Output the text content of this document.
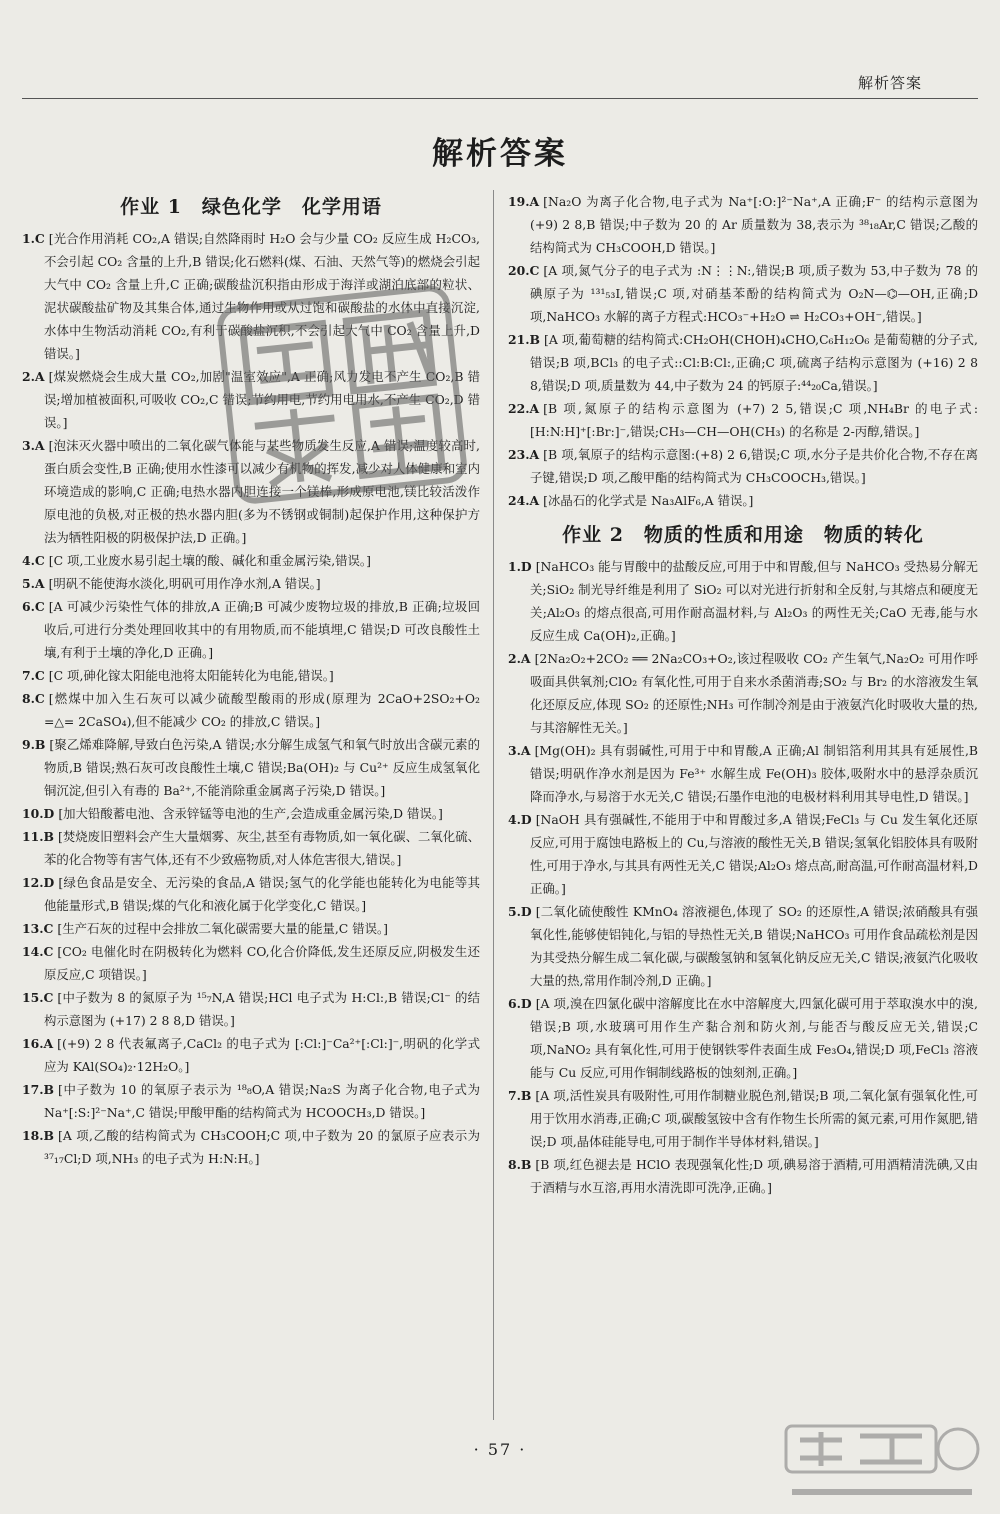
解析答案
解析答案
作业 1　绿色化学　化学用语

1.C [光合作用消耗 CO₂,A 错误;自然降雨时 H₂O 会与少量 CO₂ 反应生成 H₂CO₃,不会引起 CO₂ 含量的上升,B 错误;化石燃料(煤、石油、天然气等)的燃烧会引起大气中 CO₂ 含量上升,C 正确;碳酸盐沉积指由形成于海洋或湖泊底部的粒状、泥状碳酸盐矿物及其集合体,通过生物作用或从过饱和碳酸盐的水体中直接沉淀,水体中生物活动消耗 CO₂,有利于碳酸盐沉积,不会引起大气中 CO₂ 含量上升,D 错误。]

2.A [煤炭燃烧会生成大量 CO₂,加剧"温室效应",A 正确;风力发电不产生 CO₂,B 错误;增加植被面积,可吸收 CO₂,C 错误;节约用电,节约用电用水,不产生 CO₂,D 错误。]

3.A [泡沫灭火器中喷出的二氧化碳气体能与某些物质发生反应,A 错误;温度较高时,蛋白质会变性,B 正确;使用水性漆可以减少有机物的挥发,减少对人体健康和室内环境造成的影响,C 正确;电热水器内胆连接一个镁棒,形成原电池,镁比较活泼作原电池的负极,对正极的热水器内胆(多为不锈钢或铜制)起保护作用,这种保护方法为牺牲阳极的阴极保护法,D 正确。]

4.C [C 项,工业废水易引起土壤的酸、碱化和重金属污染,错误。]

5.A [明矾不能使海水淡化,明矾可用作净水剂,A 错误。]

6.C [A 可减少污染性气体的排放,A 正确;B 可减少废物垃圾的排放,B 正确;垃圾回收后,可进行分类处理回收其中的有用物质,而不能填埋,C 错误;D 可改良酸性土壤,有利于土壤的净化,D 正确。]

7.C [C 项,砷化镓太阳能电池将太阳能转化为电能,错误。]

8.C [燃煤中加入生石灰可以减少硫酸型酸雨的形成(原理为 2CaO+2SO₂+O₂ =△= 2CaSO₄),但不能减少 CO₂ 的排放,C 错误。]

9.B [聚乙烯难降解,导致白色污染,A 错误;水分解生成氢气和氧气时放出含碳元素的物质,B 错误;熟石灰可改良酸性土壤,C 错误;Ba(OH)₂ 与 Cu²⁺ 反应生成氢氧化铜沉淀,但引入有毒的 Ba²⁺,不能消除重金属离子污染,D 错误。]

10.D [加大铅酸蓄电池、含汞锌锰等电池的生产,会造成重金属污染,D 错误。]

11.B [焚烧废旧塑料会产生大量烟雾、灰尘,甚至有毒物质,如一氧化碳、二氧化硫、苯的化合物等有害气体,还有不少致癌物质,对人体危害很大,错误。]

12.D [绿色食品是安全、无污染的食品,A 错误;氢气的化学能也能转化为电能等其他能量形式,B 错误;煤的气化和液化属于化学变化,C 错误。]

13.C [生产石灰的过程中会排放二氧化碳需要大量的能量,C 错误。]

14.C [CO₂ 电催化时在阴极转化为燃料 CO,化合价降低,发生还原反应,阴极发生还原反应,C 项错误。]

15.C [中子数为 8 的氮原子为 ¹⁵₇N,A 错误;HCl 电子式为 H:Cl:,B 错误;Cl⁻ 的结构示意图为 (+17) 2 8 8,D 错误。]

16.A [(+9) 2 8 代表氟离子,CaCl₂ 的电子式为 [:Cl:]⁻Ca²⁺[:Cl:]⁻,明矾的化学式应为 KAl(SO₄)₂·12H₂O。]

17.B [中子数为 10 的氧原子表示为 ¹⁸₈O,A 错误;Na₂S 为离子化合物,电子式为 Na⁺[:S:]²⁻Na⁺,C 错误;甲酸甲酯的结构简式为 HCOOCH₃,D 错误。]

18.B [A 项,乙酸的结构简式为 CH₃COOH;C 项,中子数为 20 的氯原子应表示为 ³⁷₁₇Cl;D 项,NH₃ 的电子式为 H:N:H。]

19.A [Na₂O 为离子化合物,电子式为 Na⁺[:O:]²⁻Na⁺,A 正确;F⁻ 的结构示意图为 (+9) 2 8,B 错误;中子数为 20 的 Ar 质量数为 38,表示为 ³⁸₁₈Ar,C 错误;乙酸的结构简式为 CH₃COOH,D 错误。]

20.C [A 项,氮气分子的电子式为 :N⋮⋮N:,错误;B 项,质子数为 53,中子数为 78 的碘原子为 ¹³¹₅₃I,错误;C 项,对硝基苯酚的结构简式为 O₂N—⌬—OH,正确;D 项,NaHCO₃ 水解的离子方程式:HCO₃⁻+H₂O ⇌ H₂CO₃+OH⁻,错误。]

21.B [A 项,葡萄糖的结构简式:CH₂OH(CHOH)₄CHO,C₆H₁₂O₆ 是葡萄糖的分子式,错误;B 项,BCl₃ 的电子式::Cl:B:Cl:,正确;C 项,硫离子结构示意图为 (+16) 2 8 8,错误;D 项,质量数为 44,中子数为 24 的钙原子:⁴⁴₂₀Ca,错误。]

22.A [B 项,氮原子的结构示意图为 (+7) 2 5,错误;C 项,NH₄Br 的电子式:[H:N:H]⁺[:Br:]⁻,错误;CH₃—CH—OH(CH₃) 的名称是 2-丙醇,错误。]

23.A [B 项,氧原子的结构示意图:(+8) 2 6,错误;C 项,水分子是共价化合物,不存在离子键,错误;D 项,乙酸甲酯的结构简式为 CH₃COOCH₃,错误。]

24.A [冰晶石的化学式是 Na₃AlF₆,A 错误。]

作业 2　物质的性质和用途　物质的转化

1.D [NaHCO₃ 能与胃酸中的盐酸反应,可用于中和胃酸,但与 NaHCO₃ 受热易分解无关;SiO₂ 制光导纤维是利用了 SiO₂ 可以对光进行折射和全反射,与其熔点和硬度无关;Al₂O₃ 的熔点很高,可用作耐高温材料,与 Al₂O₃ 的两性无关;CaO 无毒,能与水反应生成 Ca(OH)₂,正确。]

2.A [2Na₂O₂+2CO₂ ══ 2Na₂CO₃+O₂,该过程吸收 CO₂ 产生氧气,Na₂O₂ 可用作呼吸面具供氧剂;ClO₂ 有氧化性,可用于自来水杀菌消毒;SO₂ 与 Br₂ 的水溶液发生氧化还原反应,体现 SO₂ 的还原性;NH₃ 可作制冷剂是由于液氨汽化时吸收大量的热,与其溶解性无关。]

3.A [Mg(OH)₂ 具有弱碱性,可用于中和胃酸,A 正确;Al 制铝箔利用其具有延展性,B 错误;明矾作净水剂是因为 Fe³⁺ 水解生成 Fe(OH)₃ 胶体,吸附水中的悬浮杂质沉降而净水,与易溶于水无关,C 错误;石墨作电池的电极材料利用其导电性,D 错误。]

4.D [NaOH 具有强碱性,不能用于中和胃酸过多,A 错误;FeCl₃ 与 Cu 发生氧化还原反应,可用于腐蚀电路板上的 Cu,与溶液的酸性无关,B 错误;氢氧化铝胶体具有吸附性,可用于净水,与其具有两性无关,C 错误;Al₂O₃ 熔点高,耐高温,可作耐高温材料,D 正确。]

5.D [二氧化硫使酸性 KMnO₄ 溶液褪色,体现了 SO₂ 的还原性,A 错误;浓硝酸具有强氧化性,能够使铝钝化,与铝的导热性无关,B 错误;NaHCO₃ 可用作食品疏松剂是因为其受热分解生成二氧化碳,与碳酸氢钠和氢氧化钠反应无关,C 错误;液氨汽化吸收大量的热,常用作制冷剂,D 正确。]

6.D [A 项,溴在四氯化碳中溶解度比在水中溶解度大,四氯化碳可用于萃取溴水中的溴,错误;B 项,水玻璃可用作生产黏合剂和防火剂,与能否与酸反应无关,错误;C 项,NaNO₂ 具有氧化性,可用于使钢铁零件表面生成 Fe₃O₄,错误;D 项,FeCl₃ 溶液能与 Cu 反应,可用作铜制线路板的蚀刻剂,正确。]

7.B [A 项,活性炭具有吸附性,可用作制糖业脱色剂,错误;B 项,二氧化氯有强氧化性,可用于饮用水消毒,正确;C 项,碳酸氢铵中含有作物生长所需的氮元素,可用作氮肥,错误;D 项,晶体硅能导电,可用于制作半导体材料,错误。]

8.B [B 项,红色褪去是 HClO 表现强氧化性;D 项,碘易溶于酒精,可用酒精清洗碘,又由于酒精与水互溶,再用水清洗即可洗净,正确。]

· 57 ·
